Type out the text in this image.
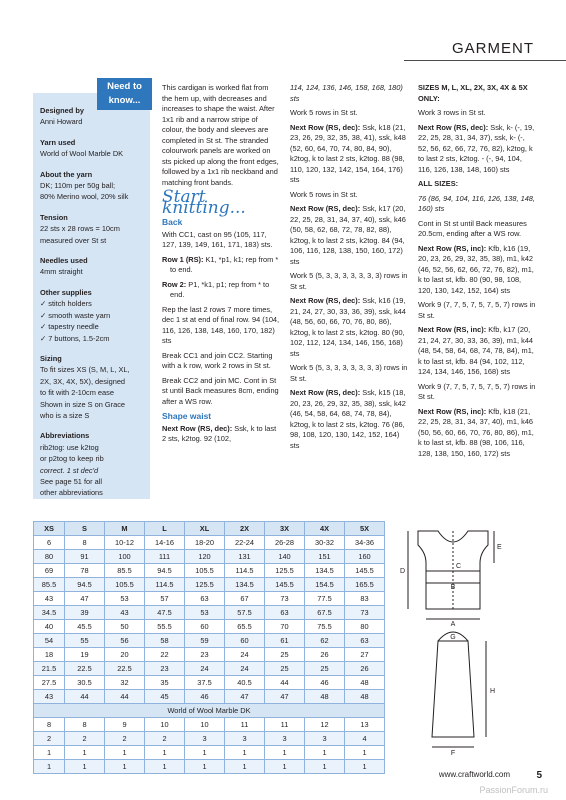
GARMENT
Need to know...

Designed by
Anni Howard

Yarn used
World of Wool Marble DK

About the yarn
DK; 110m per 50g ball;
80% Merino wool, 20% silk

Tension
22 sts x 28 rows = 10cm
measured over St st

Needles used
4mm straight

Other supplies
✓ stitch holders
✓ smooth waste yarn
✓ tapestry needle
✓ 7 buttons, 1.5-2cm

Sizing
To fit sizes XS (S, M, L, XL,
2X, 3X, 4X, 5X), designed
to fit with 2-10cm ease
Shown in size S on Grace
who is a size S

Abbreviations
rib2tog: use k2tog
or p2tog to keep rib
correct. 1 st dec'd
See page 51 for all
other abbreviations

This cardigan is worked flat from the hem up, with decreases and increases to shape the waist. After 1x1 rib and a narrow stripe of colour, the body and sleeves are completed in St st. The stranded colourwork panels are worked on sts picked up along the front edges, followed by a 1x1 rib neckband and matching front bands.

Start knitting...
Back

With CC1, cast on 95 (105, 117, 127, 139, 149, 161, 171, 183) sts.

Row 1 (RS): K1, *p1, k1; rep from * to end.

Row 2: P1, *k1, p1; rep from * to end.

Rep the last 2 rows 7 more times, dec 1 st at end of final row. 94 (104, 116, 126, 138, 148, 160, 170, 182) sts

Break CC1 and join CC2. Starting with a k row, work 2 rows in St st.

Break CC2 and join MC. Cont in St st until Back measures 8cm, ending after a WS row.

Shape waist

Next Row (RS, dec): Ssk, k to last 2 sts, k2tog. 92 (102,

114, 124, 136, 146, 158, 168, 180) sts

Work 5 rows in St st.

Next Row (RS, dec): Ssk, k18 (21, 23, 26, 29, 32, 35, 38, 41), ssk, k48 (52, 60, 64, 70, 74, 80, 84, 90), k2tog, k to last 2 sts, k2tog. 88 (98, 110, 120, 132, 142, 154, 164, 176) sts

Work 5 rows in St st.

Next Row (RS, dec): Ssk, k17 (20, 22, 25, 28, 31, 34, 37, 40), ssk, k46 (50, 58, 62, 68, 72, 78, 82, 88), k2tog, k to last 2 sts, k2tog. 84 (94, 106, 116, 128, 138, 150, 160, 172) sts

Work 5 (5, 3, 3, 3, 3, 3, 3, 3) rows in St st.

Next Row (RS, dec): Ssk, k16 (19, 21, 24, 27, 30, 33, 36, 39), ssk, k44 (48, 56, 60, 66, 70, 76, 80, 86), k2tog, k to last 2 sts, k2tog. 80 (90, 102, 112, 124, 134, 146, 156, 168) sts

Work 5 (5, 3, 3, 3, 3, 3, 3, 3) rows in St st.

Next Row (RS, dec): Ssk, k15 (18, 20, 23, 26, 29, 32, 35, 38), ssk, k42 (46, 54, 58, 64, 68, 74, 78, 84), k2tog, k to last 2 sts, k2tog. 76 (86, 98, 108, 120, 130, 142, 152, 164) sts

SIZES M, L, XL, 2X, 3X, 4X & 5X ONLY:

Work 3 rows in St st.

Next Row (RS, dec): Ssk, k- (-, 19, 22, 25, 28, 31, 34, 37), ssk, k- (-, 52, 56, 62, 66, 72, 76, 82), k2tog, k to last 2 sts, k2tog. - (-, 94, 104, 116, 126, 138, 148, 160) sts

ALL SIZES:

76 (86, 94, 104, 116, 126, 138, 148, 160) sts

Cont in St st until Back measures 20.5cm, ending after a WS row.

Next Row (RS, inc): Kfb, k16 (19, 20, 23, 26, 29, 32, 35, 38), m1, k42 (46, 52, 56, 62, 66, 72, 76, 82), m1, k to last st, kfb. 80 (90, 98, 108, 120, 130, 142, 152, 164) sts

Work 9 (7, 7, 5, 7, 5, 7, 5, 7) rows in St st.

Next Row (RS, inc): Kfb, k17 (20, 21, 24, 27, 30, 33, 36, 39), m1, k44 (48, 54, 58, 64, 68, 74, 78, 84), m1, k to last st, kfb. 84 (94, 102, 112, 124, 134, 146, 156, 168) sts

Work 9 (7, 7, 5, 7, 5, 7, 5, 7) rows in St st.

Next Row (RS, inc): Kfb, k18 (21, 22, 25, 28, 31, 34, 37, 40), m1, k46 (50, 56, 60, 66, 70, 76, 80, 86), m1, k to last st, kfb. 88 (98, 106, 116, 128, 138, 150, 160, 172) sts

XS	S	M	L	XL	2X	3X	4X	5X
6	8	10-12	14-16	18-20	22-24	26-28	30-32	34-36
80	91	100	111	120	131	140	151	160
69	78	85.5	94.5	105.5	114.5	125.5	134.5	145.5
85.5	94.5	105.5	114.5	125.5	134.5	145.5	154.5	165.5
43	47	53	57	63	67	73	77.5	83
34.5	39	43	47.5	53	57.5	63	67.5	73
40	45.5	50	55.5	60	65.5	70	75.5	80
54	55	56	58	59	60	61	62	63
18	19	20	22	23	24	25	26	27
21.5	22.5	22.5	23	24	24	25	25	26
27.5	30.5	32	35	37.5	40.5	44	46	48
43	44	44	45	46	47	47	48	48
World of Wool Marble DK								
8	8	9	10	10	11	11	12	13
2	2	2	2	3	3	3	3	4
1	1	1	1	1	1	1	1	1
1	1	1	1	1	1	1	1	1
A
B
C
D
E
F
G
H
www.craftworld.com	5
PassionForum.ru
